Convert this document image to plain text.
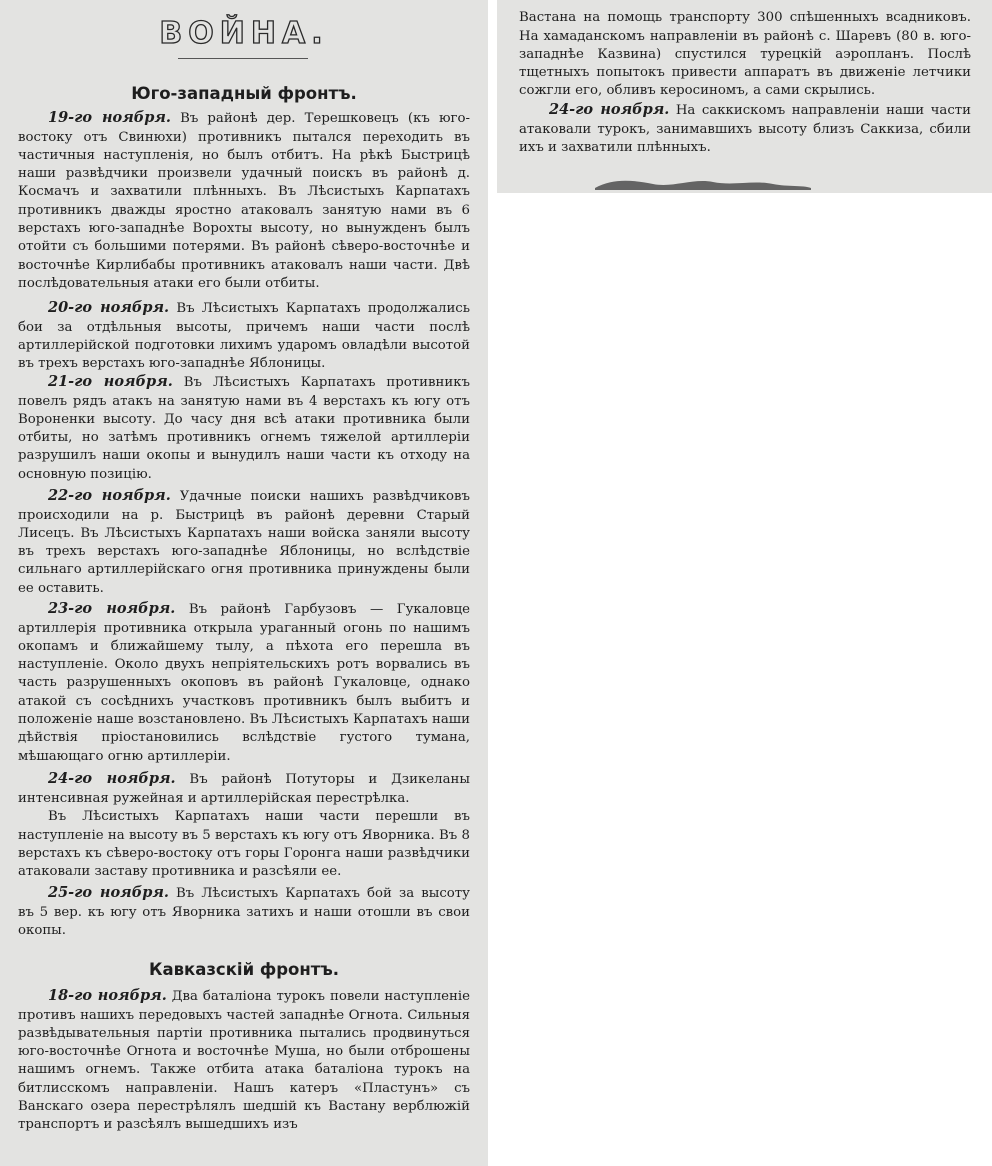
ВОЙНА.
Юго-западный фронтъ.

19-го ноября. Въ районѣ дер. Терешковецъ (къ юго-востоку отъ Свинюхи) противникъ пытался переходить въ частичныя наступленія, но былъ отбитъ. На рѣкѣ Быстрицѣ наши развѣдчики произвели удачный поискъ въ районѣ д. Космачъ и захватили плѣнныхъ. Въ Лѣсистыхъ Карпатахъ противникъ дважды яростно атаковалъ занятую нами въ 6 верстахъ юго-западнѣе Ворохты высоту, но вынужденъ былъ отойти съ большими потерями. Въ районѣ сѣверо-восточнѣе и восточнѣе Кирлибабы противникъ атаковалъ наши части. Двѣ послѣдовательныя атаки его были отбиты.

20-го ноября. Въ Лѣсистыхъ Карпатахъ продолжались бои за отдѣльныя высоты, причемъ наши части послѣ артиллерійской подготовки лихимъ ударомъ овладѣли высотой въ трехъ верстахъ юго-западнѣе Яблоницы.

21-го ноября. Въ Лѣсистыхъ Карпатахъ противникъ повелъ рядъ атакъ на занятую нами въ 4 верстахъ къ югу отъ Вороненки высоту. До часу дня всѣ атаки противника были отбиты, но затѣмъ противникъ огнемъ тяжелой артиллеріи разрушилъ наши окопы и вынудилъ наши части къ отходу на основную позицію.

22-го ноября. Удачные поиски нашихъ развѣдчиковъ происходили на р. Быстрицѣ въ районѣ деревни Старый Лисецъ. Въ Лѣсистыхъ Карпатахъ наши войска заняли высоту въ трехъ верстахъ юго-западнѣе Яблоницы, но вслѣдствіе сильнаго артиллерійскаго огня противника принуждены были ее оставить.

23-го ноября. Въ районѣ Гарбузовъ — Гукаловце артиллерія противника открыла ураганный огонь по нашимъ окопамъ и ближайшему тылу, а пѣхота его перешла въ наступленіе. Около двухъ непріятельскихъ ротъ ворвались въ часть разрушенныхъ окоповъ въ районѣ Гукаловце, однако атакой съ сосѣднихъ участковъ противникъ былъ выбитъ и положеніе наше возстановлено. Въ Лѣсистыхъ Карпатахъ наши дѣйствія пріостановились вслѣдствіе густого тумана, мѣшающаго огню артиллеріи.

24-го ноября. Въ районѣ Потуторы и Дзикеланы интенсивная ружейная и артиллерійская перестрѣлка.

Въ Лѣсистыхъ Карпатахъ наши части перешли въ наступленіе на высоту въ 5 верстахъ къ югу отъ Яворника. Въ 8 верстахъ къ сѣверо-востоку отъ горы Горонга наши развѣдчики атаковали заставу противника и разсѣяли ее.

25-го ноября. Въ Лѣсистыхъ Карпатахъ бой за высоту въ 5 вер. къ югу отъ Яворника затихъ и наши отошли въ свои окопы.

Кавказскій фронтъ.

18-го ноября. Два баталіона турокъ повели наступленіе противъ нашихъ передовыхъ частей западнѣе Огнота. Сильныя развѣдывательныя партіи противника пытались продвинуться юго-восточнѣе Огнота и восточнѣе Муша, но были отброшены нашимъ огнемъ. Также отбита атака баталіона турокъ на битлисскомъ направленіи. Нашъ катеръ «Пластунъ» съ Ванскаго озера перестрѣлялъ шедшій къ Вастану верблюжій транспортъ и разсѣялъ вышедшихъ изъ

Вастана на помощь транспорту 300 спѣшенныхъ всадниковъ. На хамаданскомъ направленіи въ районѣ с. Шаревъ (80 в. юго-западнѣе Казвина) спустился турецкій аэропланъ. Послѣ тщетныхъ попытокъ привести аппаратъ въ движеніе летчики сожгли его, обливъ керосиномъ, а сами скрылись.

24-го ноября. На саккискомъ направленіи наши части атаковали турокъ, занимавшихъ высоту близъ Саккиза, сбили ихъ и захватили плѣнныхъ.
